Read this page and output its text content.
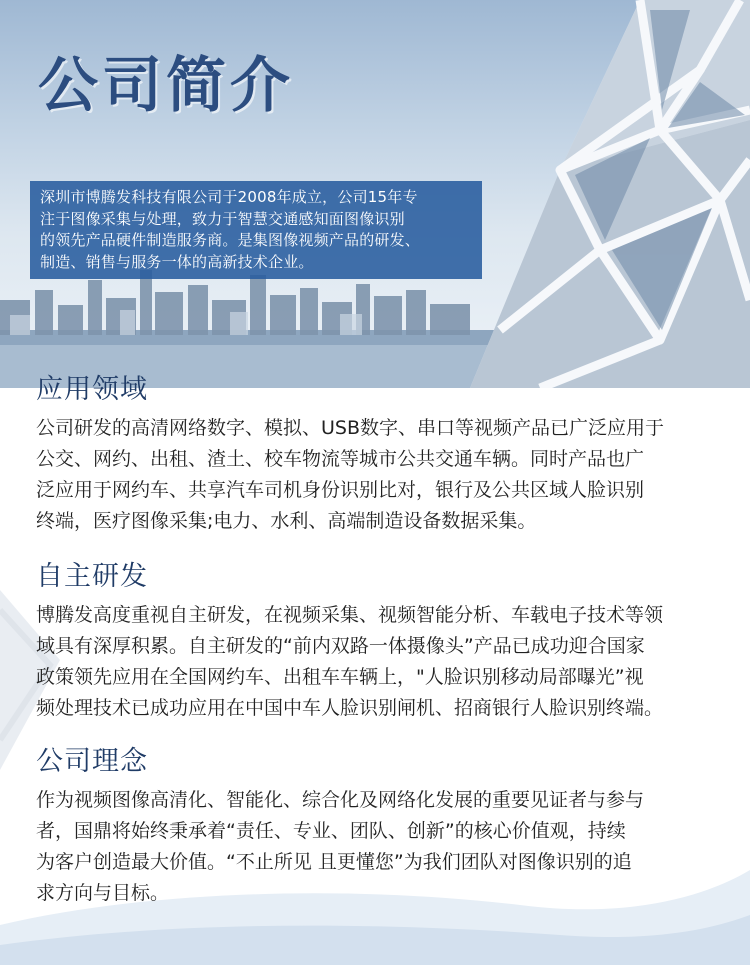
公司简介

深圳市博腾发科技有限公司于2008年成立，公司15年专
注于图像采集与处理，致力于智慧交通感知面图像识别
的领先产品硬件制造服务商。是集图像视频产品的研发、
制造、销售与服务一体的高新技术企业。

应用领域

公司研发的高清网络数字、模拟、USB数字、串口等视频产品已广泛应用于
公交、网约、出租、渣土、校车物流等城市公共交通车辆。同时产品也广
泛应用于网约车、共享汽车司机身份识别比对，银行及公共区域人脸识别
终端，医疗图像采集;电力、水利、高端制造设备数据采集。

自主研发

博腾发高度重视自主研发，在视频采集、视频智能分析、车载电子技术等领
域具有深厚积累。自主研发的“前内双路一体摄像头”产品已成功迎合国家
政策领先应用在全国网约车、出租车车辆上，"人脸识别移动局部曝光”视
频处理技术已成功应用在中国中车人脸识别闸机、招商银行人脸识别终端。

公司理念

作为视频图像高清化、智能化、综合化及网络化发展的重要见证者与参与
者，国鼎将始终秉承着“责任、专业、团队、创新”的核心价值观，持续
为客户创造最大价值。“不止所见 且更懂您”为我们团队对图像识别的追
求方向与目标。
